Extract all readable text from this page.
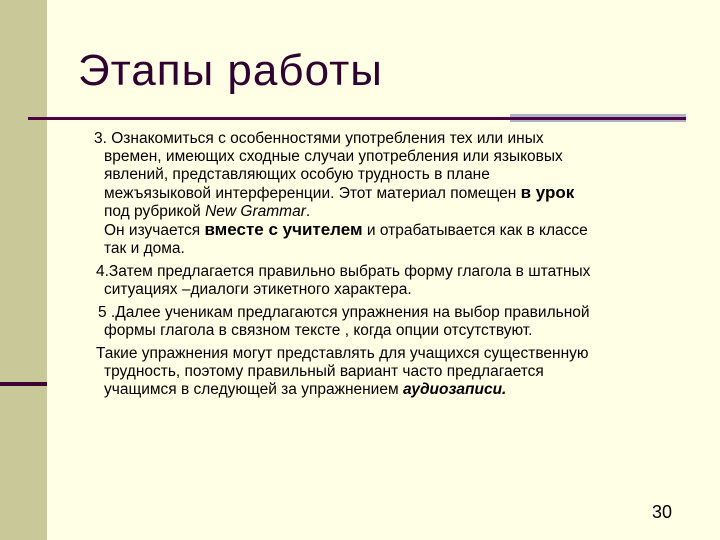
Этапы работы
3. Ознакомиться с особенностями употребления тех или иных
времен, имеющих сходные случаи употребления или языковых
явлений, представляющих особую трудность в плане
межъязыковой интерференции. Этот материал помещен в урок
под рубрикой New Grammar.
Он изучается вместе с учителем и отрабатывается как в классе
так и дома.
4.Затем предлагается правильно выбрать форму глагола в штатных
ситуациях –диалоги этикетного характера.
5 .Далее ученикам предлагаются упражнения на выбор правильной
формы глагола в связном тексте , когда опции отсутствуют.
Такие упражнения могут представлять для учащихся существенную
трудность, поэтому правильный вариант часто предлагается
учащимся в следующей за упражнением аудиозаписи.
30
